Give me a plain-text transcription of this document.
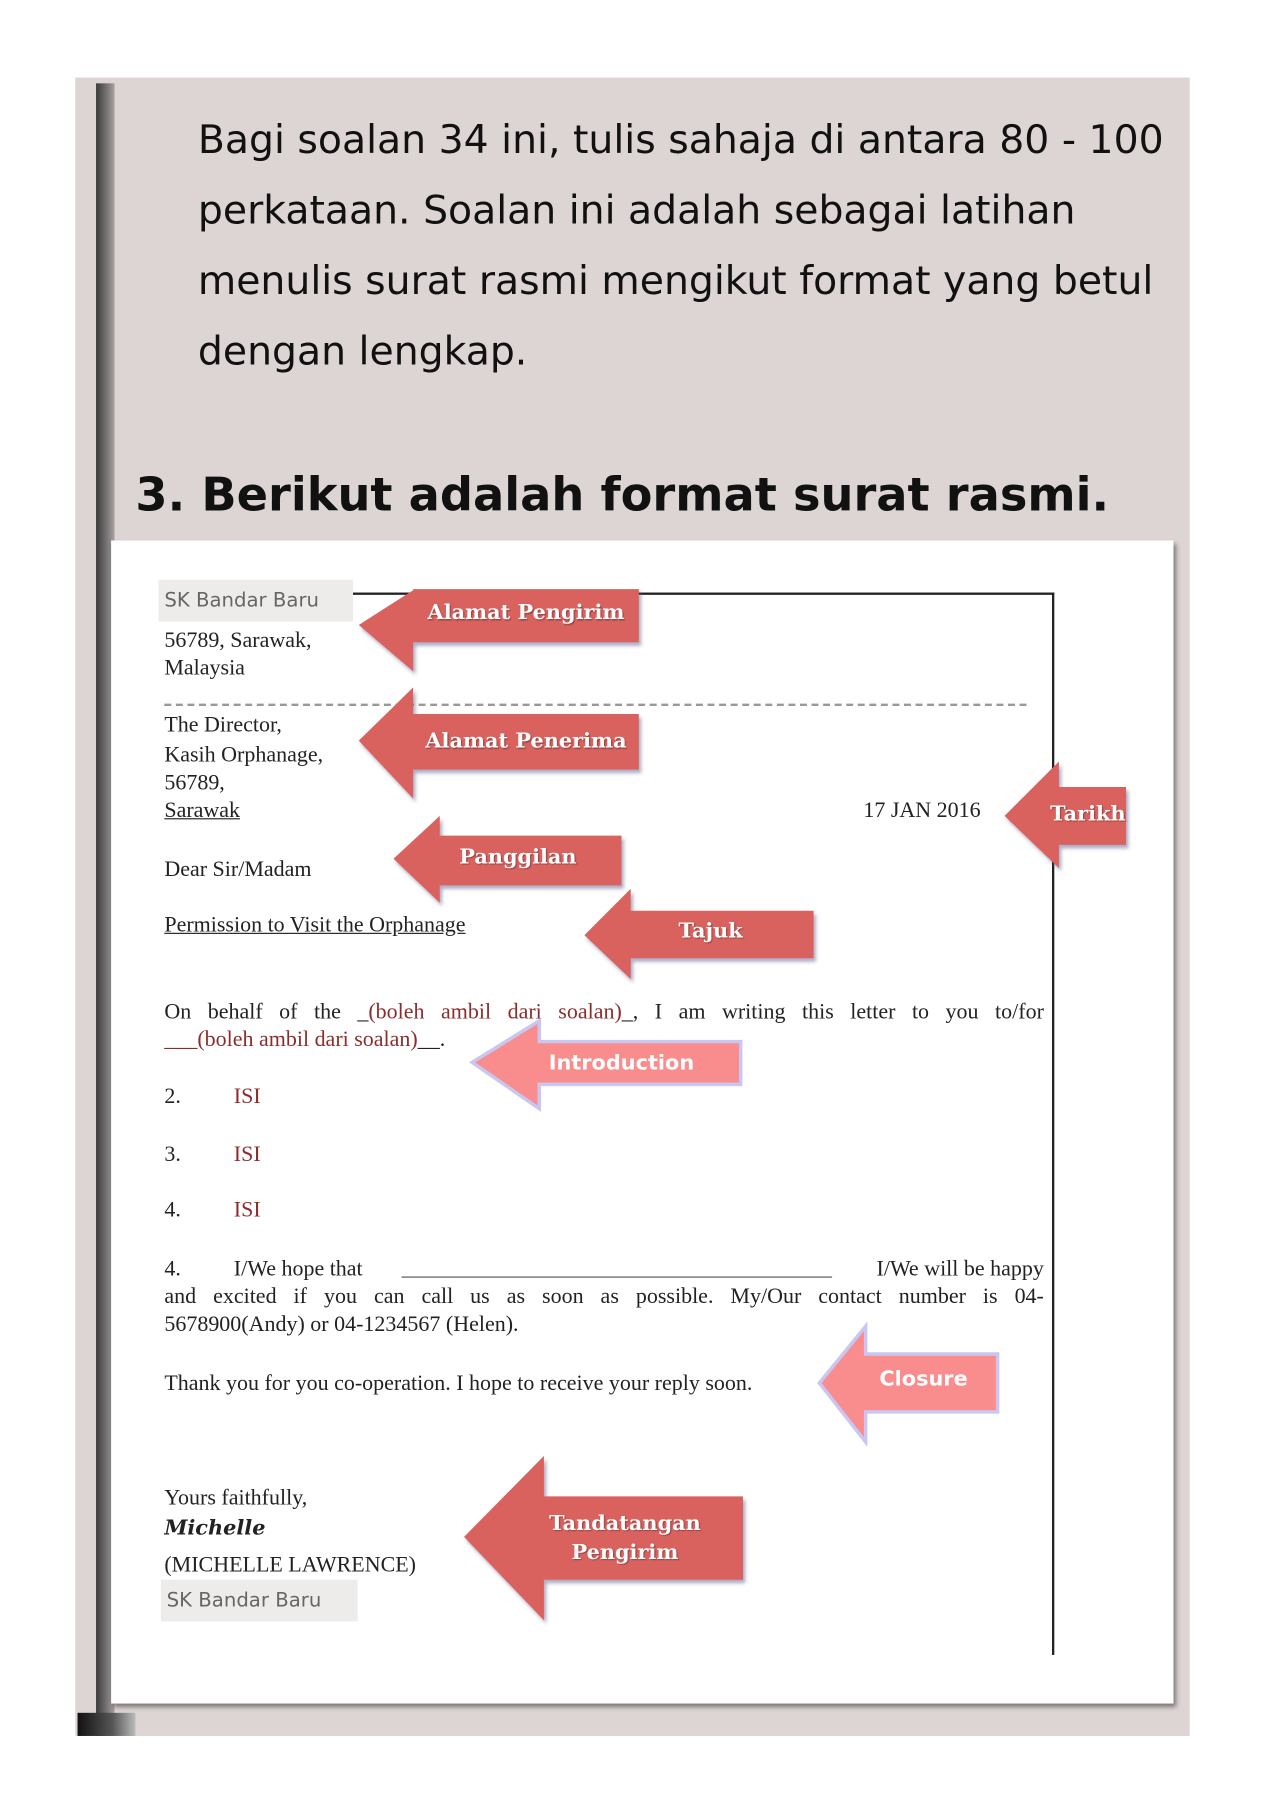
Bagi soalan 34 ini, tulis sahaja di antara 80 - 100 perkataan. Soalan ini adalah sebagai latihan menulis surat rasmi mengikut format yang betul dengan lengkap.
3. Berikut adalah format surat rasmi.
SK Bandar Baru
56789, Sarawak,
Malaysia
The Director,
Kasih Orphanage,
56789,
Sarawak	17 JAN 2016
Dear Sir/Madam
Permission to Visit the Orphanage
On behalf of the _(boleh ambil dari soalan)_, I am writing this letter to you to/for
___(boleh ambil dari soalan)__.
2.	ISI
3.	ISI
4.	ISI
4.	I/We hope that	I/We will be happy
and excited if you can call us as soon as possible. My/Our contact number is 04-
5678900(Andy) or 04-1234567 (Helen).
Thank you for you co-operation. I hope to receive your reply soon.
Yours faithfully,
Michelle
(MICHELLE LAWRENCE)
SK Bandar Baru
Alamat Pengirim
Alamat Penerima
Tarikh
Panggilan
Tajuk
Introduction
Closure
Tandatangan
Pengirim
